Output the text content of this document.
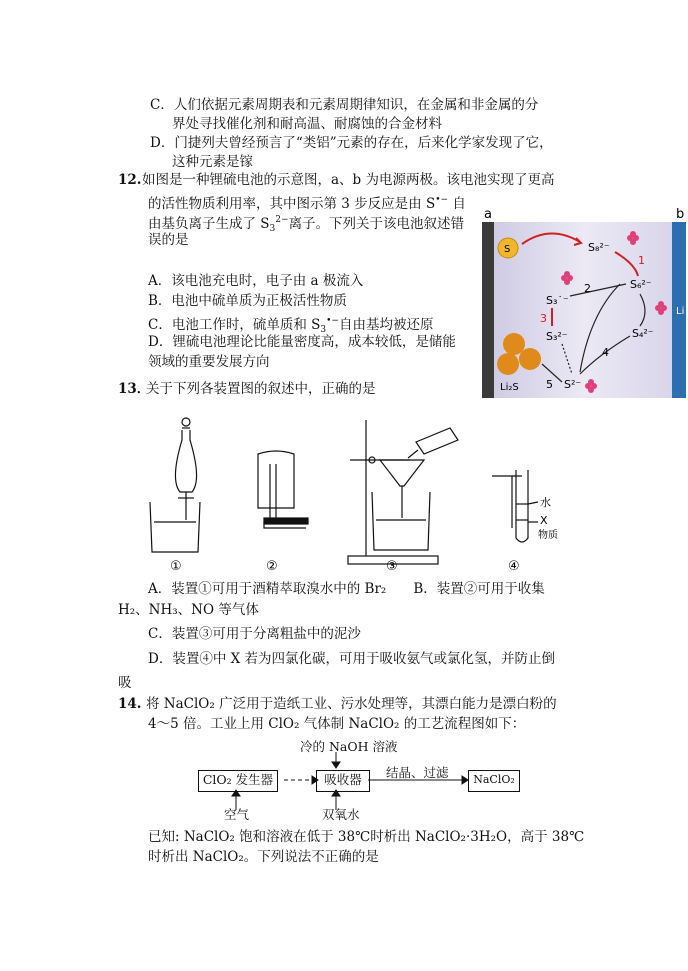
C．人们依据元素周期表和元素周期律知识，在金属和非金属的分
界处寻找催化剂和耐高温、耐腐蚀的合金材料
D．门捷列夫曾经预言了“类铝”元素的存在，后来化学家发现了它，
这种元素是镓
12. 如图是一种锂硫电池的示意图，a、b 为电源两极。该电池实现了更高
的活性物质利用率，其中图示第 3 步反应是由 S•− 自
由基负离子生成了 $S_3^{2-}$离子。下列关于该电池叙述错
误的是
A．该电池充电时，电子由 a 极流入
B．电池中硫单质为正极活性物质
C．电池工作时，硫单质和 $S_3^{•-}$自由基均被还原
D．锂硫电池理论比能量密度高，成本较低，是储能
领域的重要发展方向
a	b
Li
S
Li₂S
S₈²⁻
S₆²⁻
S₄²⁻
S₃˙⁻
S₃²⁻
S²⁻
1
2
3
4
5
13．
关于下列各装置图的叙述中，正确的是
水
X
物质
①	②	③	④
A．装置①可用于酒精萃取溴水中的 Br₂　　B．装置②可用于收集
H₂、NH₃、NO 等气体
C．装置③可用于分离粗盐中的泥沙
D．装置④中 X 若为四氯化碳，可用于吸收氨气或氯化氢，并防止倒
吸
14. 将 NaClO₂ 广泛用于造纸工业、污水处理等，其漂白能力是漂白粉的
4～5 倍。工业上用 ClO₂ 气体制 NaClO₂ 的工艺流程图如下：
冷的 NaOH 溶液
ClO₂ 发生器	吸收器	结晶、过滤	NaClO₂
空气	双氧水
已知: NaClO₂ 饱和溶液在低于 38℃时析出 NaClO₂·3H₂O，高于 38℃
时析出 NaClO₂。下列说法不正确的是
